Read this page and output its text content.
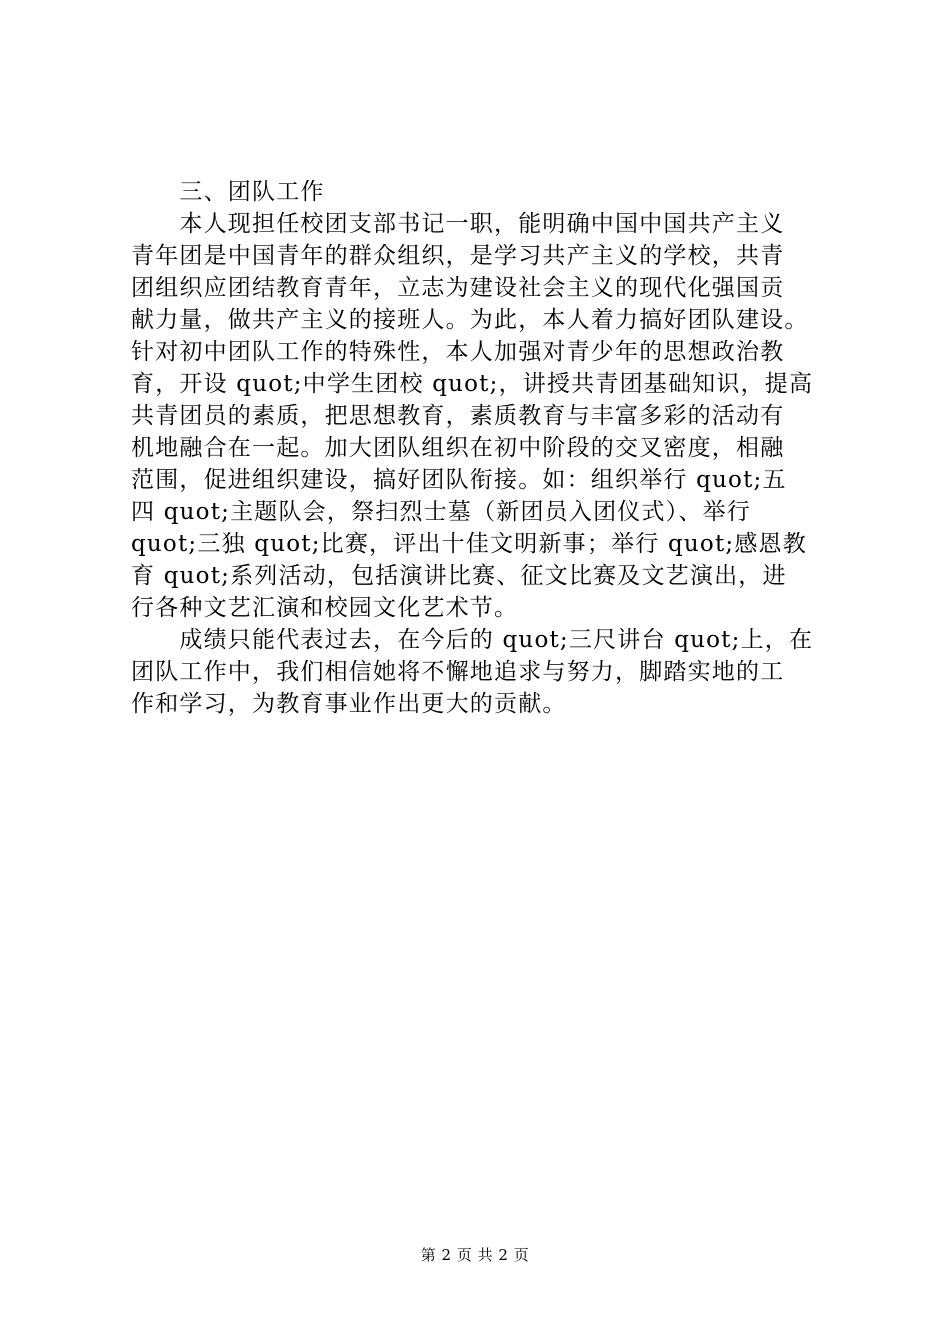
　　三、团队工作
　　本人现担任校团支部书记一职，能明确中国中国共产主义
青年团是中国青年的群众组织，是学习共产主义的学校，共青
团组织应团结教育青年，立志为建设社会主义的现代化强国贡
献力量，做共产主义的接班人。为此，本人着力搞好团队建设。
针对初中团队工作的特殊性，本人加强对青少年的思想政治教
育，开设 quot;中学生团校 quot;，讲授共青团基础知识，提高
共青团员的素质，把思想教育，素质教育与丰富多彩的活动有
机地融合在一起。加大团队组织在初中阶段的交叉密度，相融
范围，促进组织建设，搞好团队衔接。如：组织举行 quot;五
四 quot;主题队会，祭扫烈士墓（新团员入团仪式）、举行
quot;三独 quot;比赛，评出十佳文明新事；举行 quot;感恩教
育 quot;系列活动，包括演讲比赛、征文比赛及文艺演出，进
行各种文艺汇演和校园文化艺术节。
　　成绩只能代表过去，在今后的 quot;三尺讲台 quot;上，在
团队工作中，我们相信她将不懈地追求与努力，脚踏实地的工
作和学习，为教育事业作出更大的贡献。
第 2 页 共 2 页
